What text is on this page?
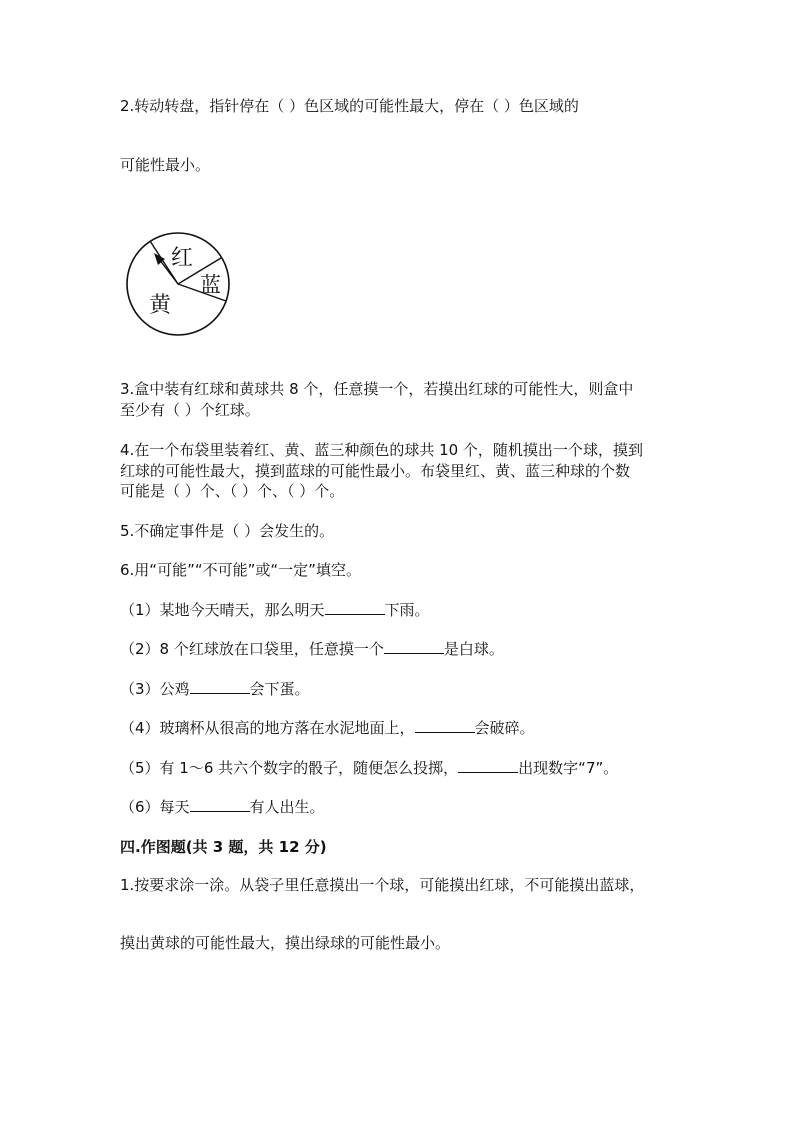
2.转动转盘，指针停在（ ）色区域的可能性最大，停在（ ）色区域的
可能性最小。
红
蓝
黄
3.盒中装有红球和黄球共 8 个，任意摸一个，若摸出红球的可能性大，则盒中
至少有（ ）个红球。
4.在一个布袋里装着红、黄、蓝三种颜色的球共 10 个，随机摸出一个球，摸到
红球的可能性最大，摸到蓝球的可能性最小。布袋里红、黄、蓝三种球的个数
可能是（ ）个、（ ）个、（ ）个。
5.不确定事件是（ ）会发生的。
6.用“可能”“不可能”或“一定”填空。
（1）某地今天晴天，那么明天	下雨。
（2）8 个红球放在口袋里，任意摸一个	是白球。
（3）公鸡	会下蛋。
（4）玻璃杯从很高的地方落在水泥地面上，	会破碎。
（5）有 1～6 共六个数字的骰子，随便怎么投掷，	出现数字“7”。
（6）每天	有人出生。
四.作图题(共 3 题，共 12 分)
1.按要求涂一涂。从袋子里任意摸出一个球，可能摸出红球，不可能摸出蓝球，
摸出黄球的可能性最大，摸出绿球的可能性最小。
